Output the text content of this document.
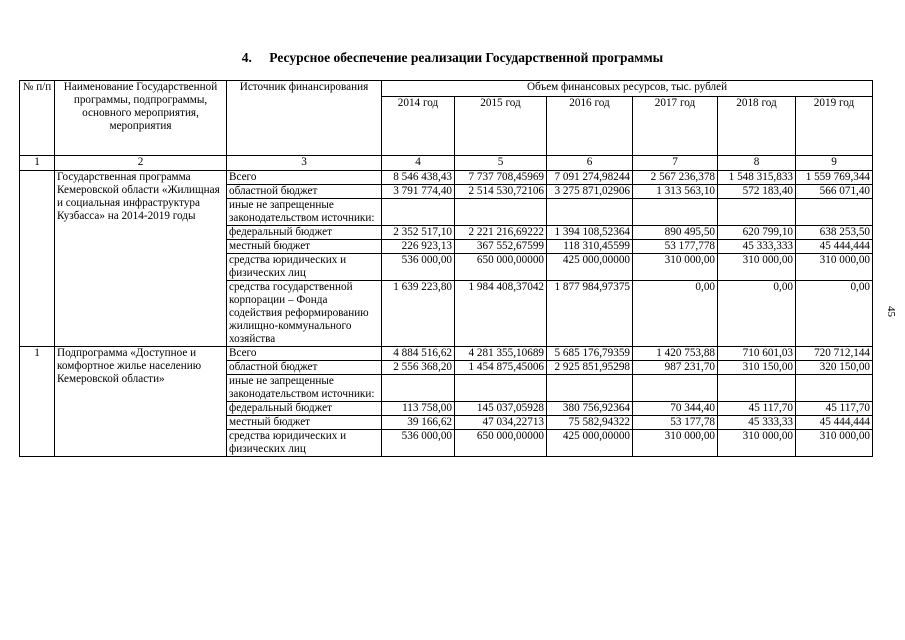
4. Ресурсное обеспечение реализации Государственной программы
№ п/п	Наименование Государственной программы, подпрограммы, основного мероприятия, мероприятия	Источник финансирования	Объем финансовых ресурсов, тыс. рублей					
			2014 год	2015 год	2016 год	2017 год	2018 год	2019 год
1	2	3	4	5	6	7	8	9
	Государственная программа Кемеровской области «Жилищная и социальная инфраструктура Кузбасса» на 2014-2019 годы	Всего	8 546 438,43	7 737 708,45969	7 091 274,98244	2 567 236,378	1 548 315,833	1 559 769,344
		областной бюджет	3 791 774,40	2 514 530,72106	3 275 871,02906	1 313 563,10	572 183,40	566 071,40
		иные не запрещенные законодательством источники:						
		федеральный бюджет	2 352 517,10	2 221 216,69222	1 394 108,52364	890 495,50	620 799,10	638 253,50
		местный бюджет	226 923,13	367 552,67599	118 310,45599	53 177,778	45 333,333	45 444,444
		средства юридических и физических лиц	536 000,00	650 000,00000	425 000,00000	310 000,00	310 000,00	310 000,00
		средства государственной корпорации – Фонда содействия реформированию жилищно-коммунального хозяйства	1 639 223,80	1 984 408,37042	1 877 984,97375	0,00	0,00	0,00
1	Подпрограмма «Доступное и комфортное жилье населению Кемеровской области»	Всего	4 884 516,62	4 281 355,10689	5 685 176,79359	1 420 753,88	710 601,03	720 712,144
		областной бюджет	2 556 368,20	1 454 875,45006	2 925 851,95298	987 231,70	310 150,00	320 150,00
		иные не запрещенные законодательством источники:						
		федеральный бюджет	113 758,00	145 037,05928	380 756,92364	70 344,40	45 117,70	45 117,70
		местный бюджет	39 166,62	47 034,22713	75 582,94322	53 177,78	45 333,33	45 444,444
		средства юридических и физических лиц	536 000,00	650 000,00000	425 000,00000	310 000,00	310 000,00	310 000,00
45
